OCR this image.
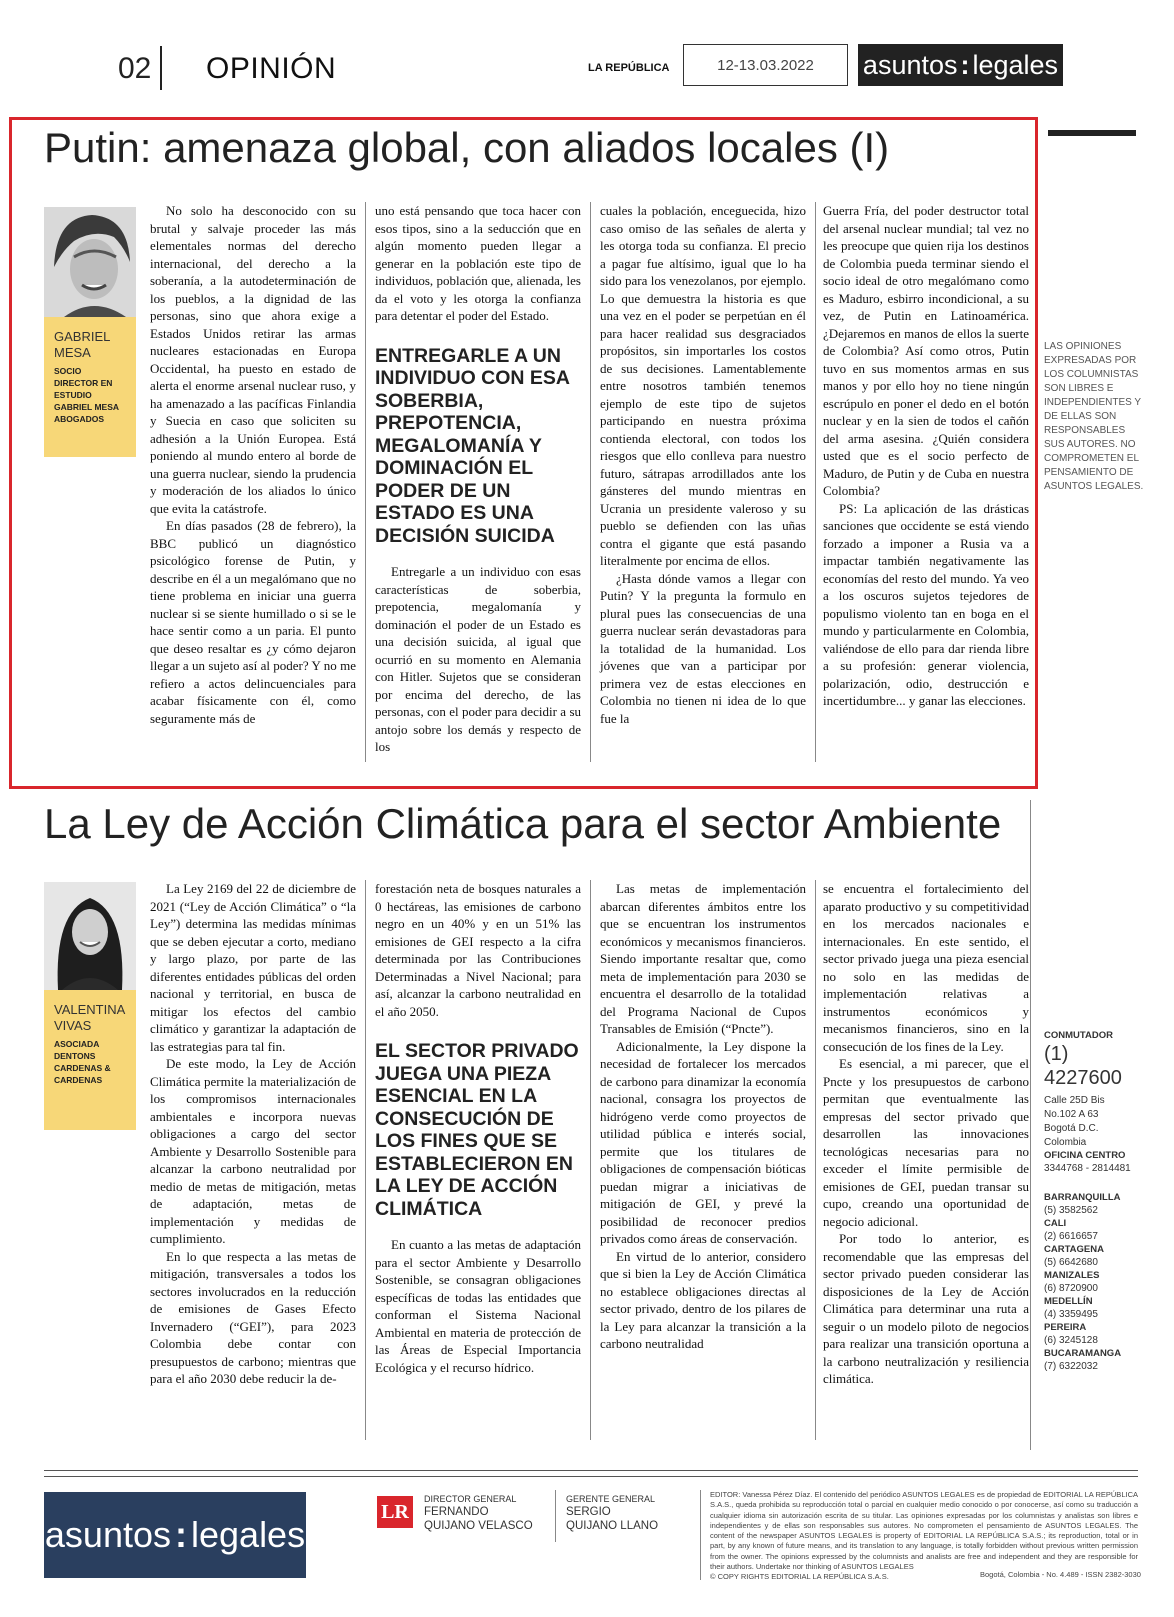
02 OPINIÓN	LA REPÚBLICA	12-13.03.2022	asuntos : legales
Putin: amenaza global, con aliados locales (I)
GABRIEL
MESA
SOCIO DIRECTOR EN ESTUDIO GABRIEL MESA ABOGADOS

No solo ha desconocido con su brutal y salvaje proceder las más elementales normas del derecho internacional, del derecho a la soberanía, a la autodeterminación de los pueblos, a la dignidad de las personas, sino que ahora exige a Estados Unidos retirar las armas nucleares estacionadas en Europa Occidental, ha puesto en estado de alerta el enorme arsenal nuclear ruso, y ha amenazado a las pacíficas Finlandia y Suecia en caso que soliciten su adhesión a la Unión Europea. Está poniendo al mundo entero al borde de una guerra nuclear, siendo la prudencia y moderación de los aliados lo único que evita la catástrofe.

En días pasados (28 de febrero), la BBC publicó un diagnóstico psicológico forense de Putin, y describe en él a un megalómano que no tiene problema en iniciar una guerra nuclear si se siente humillado o si se le hace sentir como a un paria. El punto que deseo resaltar es ¿y cómo dejaron llegar a un sujeto así al poder? Y no me refiero a actos delincuenciales para acabar físicamente con él, como seguramente más de

uno está pensando que toca hacer con esos tipos, sino a la seducción que en algún momento pueden llegar a generar en la población este tipo de individuos, población que, alienada, les da el voto y les otorga la confianza para detentar el poder del Estado.

ENTREGARLE A UN INDIVIDUO CON ESA SOBERBIA, PREPOTENCIA, MEGALOMANÍA Y DOMINACIÓN EL PODER DE UN ESTADO ES UNA DECISIÓN SUICIDA

Entregarle a un individuo con esas características de soberbia, prepotencia, megalomanía y dominación el poder de un Estado es una decisión suicida, al igual que ocurrió en su momento en Alemania con Hitler. Sujetos que se consideran por encima del derecho, de las personas, con el poder para decidir a su antojo sobre los demás y respecto de los

cuales la población, enceguecida, hizo caso omiso de las señales de alerta y les otorga toda su confianza. El precio a pagar fue altísimo, igual que lo ha sido para los venezolanos, por ejemplo. Lo que demuestra la historia es que una vez en el poder se perpetúan en él para hacer realidad sus desgraciados propósitos, sin importarles los costos de sus decisiones. Lamentablemente entre nosotros también tenemos ejemplo de este tipo de sujetos participando en nuestra próxima contienda electoral, con todos los riesgos que ello conlleva para nuestro futuro, sátrapas arrodillados ante los gánsteres del mundo mientras en Ucrania un presidente valeroso y su pueblo se defienden con las uñas contra el gigante que está pasando literalmente por encima de ellos.

¿Hasta dónde vamos a llegar con Putin? Y la pregunta la formulo en plural pues las consecuencias de una guerra nuclear serán devastadoras para la totalidad de la humanidad. Los jóvenes que van a participar por primera vez de estas elecciones en Colombia no tienen ni idea de lo que fue la

Guerra Fría, del poder destructor total del arsenal nuclear mundial; tal vez no les preocupe que quien rija los destinos de Colombia pueda terminar siendo el socio ideal de otro megalómano como es Maduro, esbirro incondicional, a su vez, de Putin en Latinoamérica. ¿Dejaremos en manos de ellos la suerte de Colombia? Así como otros, Putin tuvo en sus momentos armas en sus manos y por ello hoy no tiene ningún escrúpulo en poner el dedo en el botón nuclear y en la sien de todos el cañón del arma asesina. ¿Quién considera usted que es el socio perfecto de Maduro, de Putin y de Cuba en nuestra Colombia?

PS: La aplicación de las drásticas sanciones que occidente se está viendo forzado a imponer a Rusia va a impactar también negativamente las economías del resto del mundo. Ya veo a los oscuros sujetos tejedores de populismo violento tan en boga en el mundo y particularmente en Colombia, valiéndose de ello para dar rienda libre a su profesión: generar violencia, polarización, odio, destrucción e incertidumbre... y ganar las elecciones.

LAS OPINIONES EXPRESADAS POR LOS COLUMNISTAS SON LIBRES E INDEPENDIENTES Y DE ELLAS SON RESPONSABLES SUS AUTORES. NO COMPROMETEN EL PENSAMIENTO DE ASUNTOS LEGALES.
La Ley de Acción Climática para el sector Ambiente
VALENTINA
VIVAS
ASOCIADA DENTONS CARDENAS & CARDENAS

La Ley 2169 del 22 de diciembre de 2021 (“Ley de Acción Climática” o “la Ley”) determina las medidas mínimas que se deben ejecutar a corto, mediano y largo plazo, por parte de las diferentes entidades públicas del orden nacional y territorial, en busca de mitigar los efectos del cambio climático y garantizar la adaptación de las estrategias para tal fin.

De este modo, la Ley de Acción Climática permite la materialización de los compromisos internacionales ambientales e incorpora nuevas obligaciones a cargo del sector Ambiente y Desarrollo Sostenible para alcanzar la carbono neutralidad por medio de metas de mitigación, metas de adaptación, metas de implementación y medidas de cumplimiento.

En lo que respecta a las metas de mitigación, transversales a todos los sectores involucrados en la reducción de emisiones de Gases Efecto Invernadero (“GEI”), para 2023 Colombia debe contar con presupuestos de carbono; mientras que para el año 2030 debe reducir la de-

forestación neta de bosques naturales a 0 hectáreas, las emisiones de carbono negro en un 40% y en un 51% las emisiones de GEI respecto a la cifra determinada por las Contribuciones Determinadas a Nivel Nacional; para así, alcanzar la carbono neutralidad en el año 2050.

EL SECTOR PRIVADO JUEGA UNA PIEZA ESENCIAL EN LA CONSECUCIÓN DE LOS FINES QUE SE ESTABLECIERON EN LA LEY DE ACCIÓN CLIMÁTICA

En cuanto a las metas de adaptación para el sector Ambiente y Desarrollo Sostenible, se consagran obligaciones específicas de todas las entidades que conforman el Sistema Nacional Ambiental en materia de protección de las Áreas de Especial Importancia Ecológica y el recurso hídrico.

Las metas de implementación abarcan diferentes ámbitos entre los que se encuentran los instrumentos económicos y mecanismos financieros. Siendo importante resaltar que, como meta de implementación para 2030 se encuentra el desarrollo de la totalidad del Programa Nacional de Cupos Transables de Emisión (“Pncte”).

Adicionalmente, la Ley dispone la necesidad de fortalecer los mercados de carbono para dinamizar la economía nacional, consagra los proyectos de hidrógeno verde como proyectos de utilidad pública e interés social, permite que los titulares de obligaciones de compensación bióticas puedan migrar a iniciativas de mitigación de GEI, y prevé la posibilidad de reconocer predios privados como áreas de conservación.

En virtud de lo anterior, considero que si bien la Ley de Acción Climática no establece obligaciones directas al sector privado, dentro de los pilares de la Ley para alcanzar la transición a la carbono neutralidad

se encuentra el fortalecimiento del aparato productivo y su competitividad en los mercados nacionales e internacionales. En este sentido, el sector privado juega una pieza esencial no solo en las medidas de implementación relativas a instrumentos económicos y mecanismos financieros, sino en la consecución de los fines de la Ley.

Es esencial, a mi parecer, que el Pncte y los presupuestos de carbono permitan que eventualmente las empresas del sector privado que desarrollen las innovaciones tecnológicas necesarias para no exceder el límite permisible de emisiones de GEI, puedan transar su cupo, creando una oportunidad de negocio adicional.

Por todo lo anterior, es recomendable que las empresas del sector privado pueden considerar las disposiciones de la Ley de Acción Climática para determinar una ruta a seguir o un modelo piloto de negocios para realizar una transición oportuna a la carbono neutralización y resiliencia climática.

CONMUTADOR
(1) 4227600
Calle 25D Bis
No.102 A 63
Bogotá D.C.
Colombia
OFICINA CENTRO
3344768 - 2814481
BARRANQUILLA
(5) 3582562
CALI
(2) 6616657
CARTAGENA
(5) 6642680
MANIZALES
(6) 8720900
MEDELLÍN
(4) 3359495
PEREIRA
(6) 3245128
BUCARAMANGA
(7) 6322032
asuntos : legales
LR
DIRECTOR GENERAL
FERNANDO
QUIJANO VELASCO
GERENTE GENERAL
SERGIO
QUIJANO LLANO
EDITOR: Vanessa Pérez Díaz. El contenido del periódico ASUNTOS LEGALES es de propiedad de EDITORIAL LA REPÚBLICA S.A.S., queda prohibida su reproducción total o parcial en cualquier medio conocido o por conocerse, así como su traducción a cualquier idioma sin autorización escrita de su titular. Las opiniones expresadas por los columnistas y analistas son libres e independientes y de ellas son responsables sus autores. No comprometen el pensamiento de ASUNTOS LEGALES. The content of the newspaper ASUNTOS LEGALES is property of EDITORIAL LA REPÚBLICA S.A.S.; its reproduction, total or in part, by any known of future means, and its translation to any language, is totally forbidden without previous written permission from the owner. The opinions expressed by the columnists and analists are free and independent and they are responsible for their authors. Undertake nor thinking of ASUNTOS LEGALES
© COPY RIGHTS EDITORIAL LA REPÚBLICA S.A.S.	Bogotá, Colombia - No. 4.489 - ISSN 2382-3030
